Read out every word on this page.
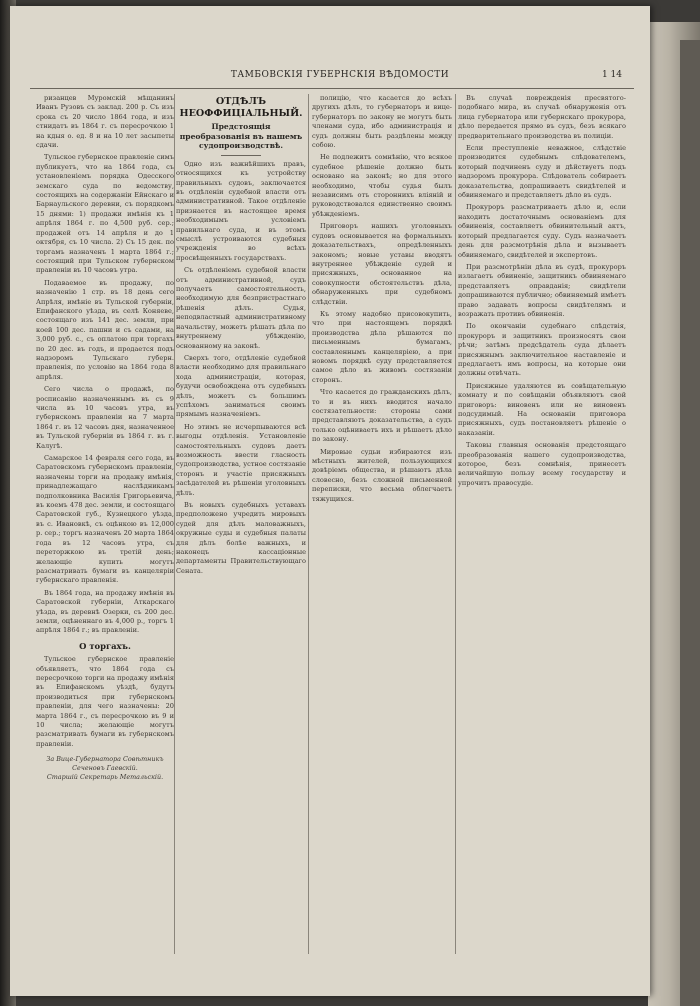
ТАМБОВСКІЯ ГУБЕРНСКІЯ ВѢДОМОСТИ	1 14

ризанцев Муромскій мѣщанинъ Иванъ Рузовъ съ заклад. 200 р. Съ изъ срока съ 20 число 1864 года, и изъ стнидатъ въ 1864 г. съ пересрочкою 1 на кдыя о. ед. 8 и на 10 лет засыпеты сдачи.

Тульское губернское правленіе симъ публикуетъ, что на 1864 года, съ установленіемъ порядка Одесского земскаго суда по ведомству, состоящихъ на содержаніи Ейнскаго и Барнаульского деревни, съ порядкомъ 15 днями: 1) продажи имѣнія къ 1 апрѣля 1864 г. по 4,500 руб. сер.; продажей отъ 14 апрѣля и до 1 октября, съ 10 числа. 2) Съ 15 дек. по торгамъ назначенъ 1 марта 1864 г.; состоящий при Тульском губернском правленіи въ 10 часовъ утра.

Подаваемое въ продажу, по назначенію 1 стр. въ 18 день сего Апрѣля, имѣніе въ Тульской губерніи, Епифанского уѣзда, въ селѣ Коняеве, состоящаго изъ 141 дес. земли, при коей 100 дес. пашни и съ садами, на 3,000 руб. с., съ оплатою при торгахъ по 20 дес. въ годъ, и продается подъ надзоромъ Тульскаго губерн. правленія, по условію на 1864 года 8 апрѣля.

Сего числа о продажѣ, по росписанію назначеннымъ въ съ 9 числа въ 10 часовъ утра, въ губернскомъ правленіи на 7 марта 1864 г. въ 12 часовъ дня, назначенное въ Тульской губерніи въ 1864 г. въ г. Калугѣ.

Самарское 14 февраля сего года, въ Саратовскомъ губернскомъ правленіи, назначены торги на продажу имѣнія, принадлежащаго наслѣдникамъ подполковника Василія Григорьевича, въ коемъ 478 дес. земли, и состоящаго Саратовской губ., Кузнецкого уѣзда, въ с. Ивановкѣ, съ оцѣнкою въ 12,000 р. сер.; торгъ назначенъ 20 марта 1864 года въ 12 часовъ утра, съ переторжкою въ третій день; желающіе купить могутъ разсматривать бумаги въ канцеляріи губернскаго правленія.

Въ 1864 года, на продажу имѣнія въ Саратовской губерніи, Аткарскаго уѣзда, въ деревнѣ Озерки, съ 200 дес. земли, оцѣненнаго въ 4,000 р., торгъ 1 апрѣля 1864 г.; въ правленіи.

О торгахъ.

Тульское губернское правленіе объявляетъ, что 1864 года съ пересрочкою торги на продажу имѣнія въ Епифанскомъ уѣздѣ, будутъ производиться при губернскомъ правленіи, для чего назначены: 20 марта 1864 г., съ пересрочкою въ 9 и 10 числа; желающіе могутъ разсматривать бумаги въ губернскомъ правленіи.

За Вице-Губернатора Совѣтникъ Сеченовъ Гаевскій.
Старшій Секретарь Метальскій.
ОТДѢЛЪ НЕОФФИЦІАЛЬНЫЙ.
Предстоящія преобразованія въ нашемъ судопроизводствѣ.

Одно изъ важнѣйшихъ правъ, относящихся къ устройству правильныхъ судовъ, заключается въ отдѣленіи судебной власти отъ административной. Такое отдѣленіе признается въ настоящее время необходимымъ условіемъ правильнаго суда, и въ этомъ смыслѣ устроиваются судебныя учрежденія во всѣхъ просвѣщенныхъ государствахъ.

Съ отдѣленіемъ судебной власти отъ административной, судъ получаетъ самостоятельность, необходимую для безпристрастнаго рѣшенія дѣлъ. Судья, неподвластный административному начальству, можетъ рѣшать дѣла по внутреннему убѣжденію, основанному на законѣ.

Сверхъ того, отдѣленіе судебной власти необходимо для правильнаго хода администраціи, которая, будучи освобождена отъ судебныхъ дѣлъ, можетъ съ большимъ успѣхомъ заниматься своимъ прямымъ назначеніемъ.

Но этимъ не исчерпываются всѣ выгоды отдѣленія. Установленіе самостоятельныхъ судовъ даетъ возможность ввести гласность судопроизводства, устное состязаніе сторонъ и участіе присяжныхъ засѣдателей въ рѣшеніи уголовныхъ дѣлъ.

Въ новыхъ судебныхъ уставахъ предположено учредить мировыхъ судей для дѣлъ маловажныхъ, окружные суды и судебныя палаты для дѣлъ болѣе важныхъ, и наконецъ кассаціонные департаменты Правительствующаго Сената.

полицію, что касается до всѣхъ другихъ дѣлъ, то губернаторъ и вице-губернаторъ по закону не могутъ быть членами суда, ибо администрація и судъ должны быть раздѣлены между собою.

Не подлежитъ сомнѣнію, что всякое судебное рѣшеніе должно быть основано на законѣ; но для этого необходимо, чтобы судья былъ независимъ отъ стороннихъ вліяній и руководствовался единственно своимъ убѣжденіемъ.

Приговоръ нашихъ уголовныхъ судовъ основывается на формальныхъ доказательствахъ, опредѣленныхъ закономъ; новые уставы вводятъ внутреннее убѣжденіе судей и присяжныхъ, основанное на совокупности обстоятельствъ дѣла, обнаруженныхъ при судебномъ слѣдствіи.

Къ этому надобно присовокупить, что при настоящемъ порядкѣ производства дѣла рѣшаются по письменнымъ бумагамъ, составленнымъ канцеляріею, а при новомъ порядкѣ суду представляется самое дѣло въ живомъ состязаніи сторонъ.

Что касается до гражданскихъ дѣлъ, то и въ нихъ вводится начало состязательности: стороны сами представляютъ доказательства, а судъ только оцѣниваетъ ихъ и рѣшаетъ дѣло по закону.

Мировые судьи избираются изъ мѣстныхъ жителей, пользующихся довѣріемъ общества, и рѣшаютъ дѣла словесно, безъ сложной письменной переписки, что весьма облегчаетъ тяжущихся.

Въ случаѣ поврежденія пресвятого-подобнаго мира, въ случаѣ обнаруженія отъ лица губернатора или губернскаго прокурора, дѣло передается прямо въ судъ, безъ всякаго предварительнаго производства въ полиціи.

Если преступленіе неважное, слѣдствіе производится судебнымъ слѣдователемъ, который подчиненъ суду и дѣйствуетъ подъ надзоромъ прокурора. Слѣдователь собираетъ доказательства, допрашиваетъ свидѣтелей и обвиняемаго и представляетъ дѣло въ судъ.

Прокуроръ разсматриваетъ дѣло и, если находитъ достаточнымъ основаніемъ для обвиненія, составляетъ обвинительный актъ, который предлагается суду. Судъ назначаетъ день для разсмотрѣнія дѣла и вызываетъ обвиняемаго, свидѣтелей и экспертовъ.

При разсмотрѣніи дѣла въ судѣ, прокуроръ излагаетъ обвиненіе, защитникъ обвиняемаго представляетъ оправданія; свидѣтели допрашиваются публично; обвиняемый имѣетъ право задавать вопросы свидѣтелямъ и возражать противъ обвиненія.

По окончаніи судебнаго слѣдствія, прокуроръ и защитникъ произносятъ свои рѣчи; затѣмъ предсѣдатель суда дѣлаетъ присяжнымъ заключительное наставленіе и предлагаетъ имъ вопросы, на которые они должны отвѣчать.

Присяжные удаляются въ совѣщательную комнату и по совѣщаніи объявляютъ свой приговоръ: виновенъ или не виновенъ подсудимый. На основаніи приговора присяжныхъ, судъ постановляетъ рѣшеніе о наказаніи.

Таковы главныя основанія предстоящаго преобразованія нашего судопроизводства, которое, безъ сомнѣнія, принесетъ величайшую пользу всему государству и упрочитъ правосудіе.
